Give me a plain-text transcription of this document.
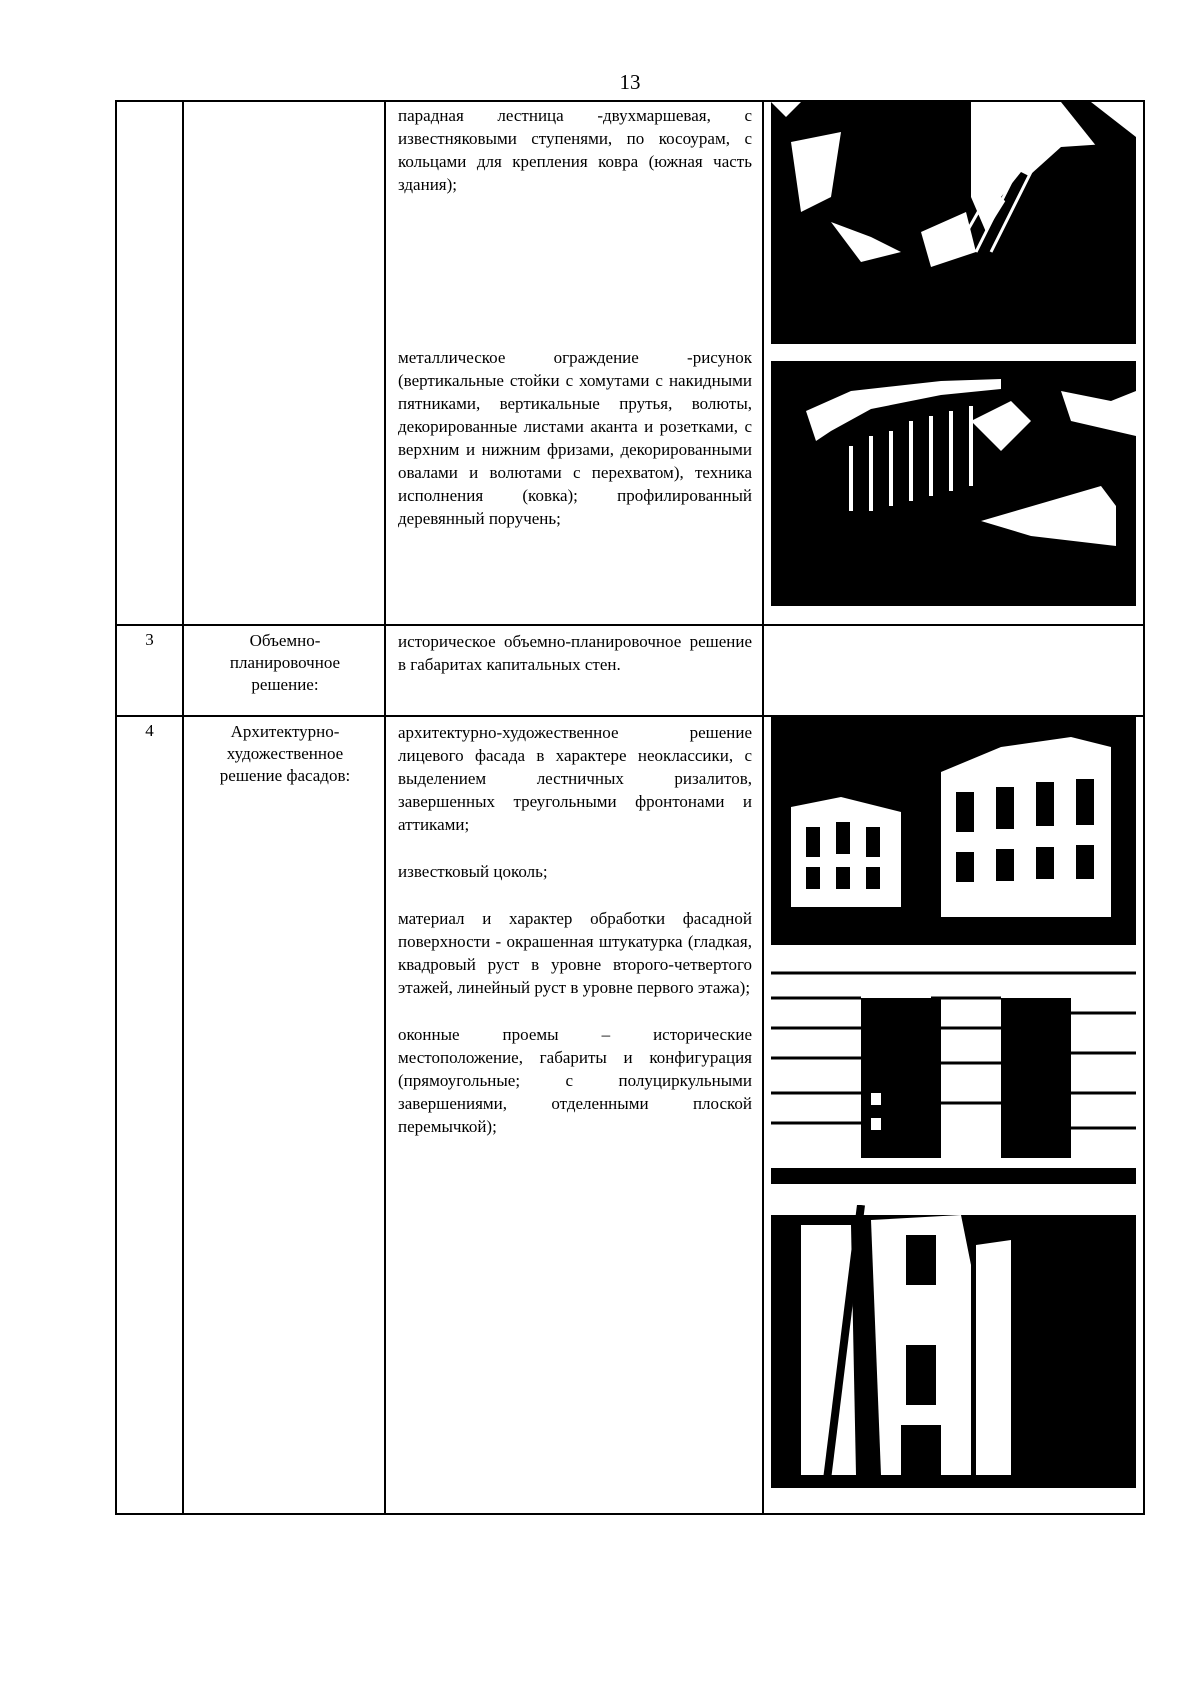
13

		парадная лестница -двухмаршевая, с известняковыми ступенями, по косоурам, с кольцами для крепления ковра (южная часть здания);

металлическое ограждение -рисунок (вертикальные стойки с хомутами с накидными пятниками, вертикальные прутья, волюты, декорированные листами аканта и розетками, с верхним и нижним фризами, декорированными овалами и волютами с перехватом), техника исполнения (ковка); профилированный деревянный поручень;

3	Объемно-планировочное решение:	историческое объемно-планировочное решение в габаритах капитальных стен.	

4	Архитектурно-художественное решение фасадов:	архитектурно-художественное решение лицевого фасада в характере неоклассики, с выделением лестничных ризалитов, завершенных треугольными фронтонами и аттиками;

известковый цоколь;

материал и характер обработки фасадной поверхности - окрашенная штукатурка (гладкая, квадровый руст в уровне второго-четвертого этажей, линейный руст в уровне первого этажа);

оконные проемы – исторические местоположение, габариты и конфигурация (прямоугольные; с полуциркульными завершениями, отделенными плоской перемычкой);
